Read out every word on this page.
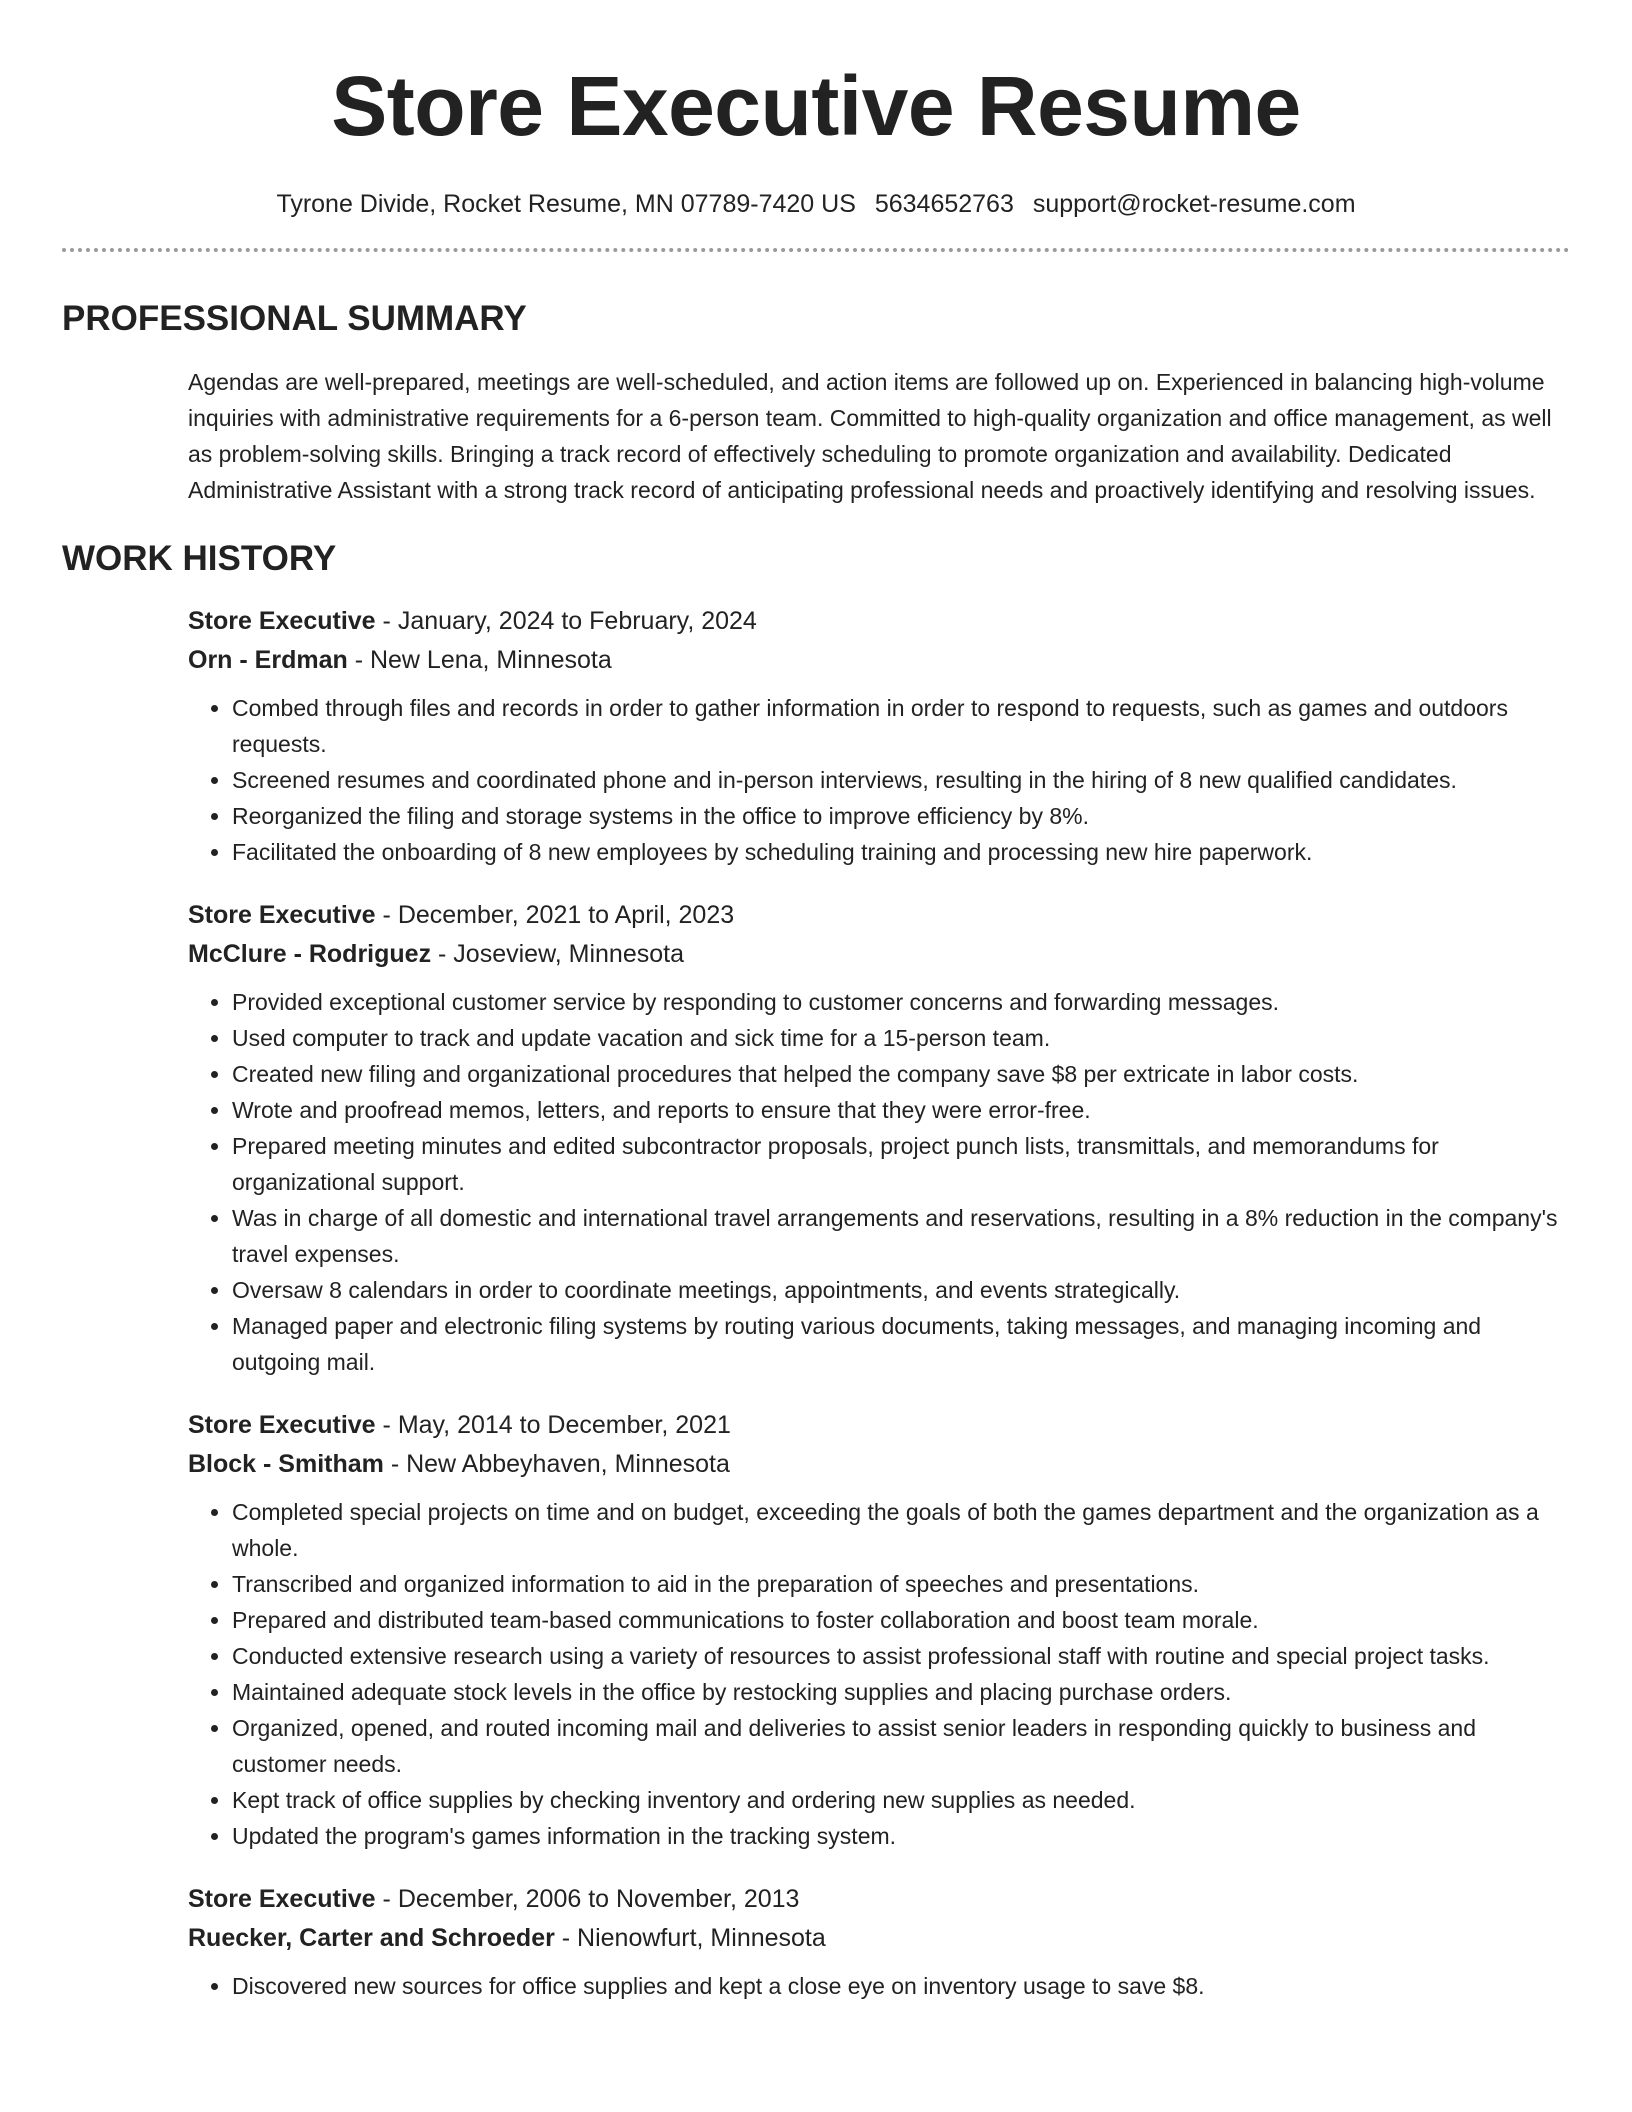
Store Executive Resume
Tyrone Divide, Rocket Resume, MN 07789-7420 US 5634652763 support@rocket-resume.com
PROFESSIONAL SUMMARY
Agendas are well-prepared, meetings are well-scheduled, and action items are followed up on. Experienced in balancing high-volume inquiries with administrative requirements for a 6-person team. Committed to high-quality organization and office management, as well as problem-solving skills. Bringing a track record of effectively scheduling to promote organization and availability. Dedicated Administrative Assistant with a strong track record of anticipating professional needs and proactively identifying and resolving issues.
WORK HISTORY
Store Executive - January, 2024 to February, 2024
Orn - Erdman - New Lena, Minnesota
• Combed through files and records in order to gather information in order to respond to requests, such as games and outdoors requests.
• Screened resumes and coordinated phone and in-person interviews, resulting in the hiring of 8 new qualified candidates.
• Reorganized the filing and storage systems in the office to improve efficiency by 8%.
• Facilitated the onboarding of 8 new employees by scheduling training and processing new hire paperwork.
Store Executive - December, 2021 to April, 2023
McClure - Rodriguez - Joseview, Minnesota
• Provided exceptional customer service by responding to customer concerns and forwarding messages.
• Used computer to track and update vacation and sick time for a 15-person team.
• Created new filing and organizational procedures that helped the company save $8 per extricate in labor costs.
• Wrote and proofread memos, letters, and reports to ensure that they were error-free.
• Prepared meeting minutes and edited subcontractor proposals, project punch lists, transmittals, and memorandums for organizational support.
• Was in charge of all domestic and international travel arrangements and reservations, resulting in a 8% reduction in the company's travel expenses.
• Oversaw 8 calendars in order to coordinate meetings, appointments, and events strategically.
• Managed paper and electronic filing systems by routing various documents, taking messages, and managing incoming and outgoing mail.
Store Executive - May, 2014 to December, 2021
Block - Smitham - New Abbeyhaven, Minnesota
• Completed special projects on time and on budget, exceeding the goals of both the games department and the organization as a whole.
• Transcribed and organized information to aid in the preparation of speeches and presentations.
• Prepared and distributed team-based communications to foster collaboration and boost team morale.
• Conducted extensive research using a variety of resources to assist professional staff with routine and special project tasks.
• Maintained adequate stock levels in the office by restocking supplies and placing purchase orders.
• Organized, opened, and routed incoming mail and deliveries to assist senior leaders in responding quickly to business and customer needs.
• Kept track of office supplies by checking inventory and ordering new supplies as needed.
• Updated the program's games information in the tracking system.
Store Executive - December, 2006 to November, 2013
Ruecker, Carter and Schroeder - Nienowfurt, Minnesota
• Discovered new sources for office supplies and kept a close eye on inventory usage to save $8.
